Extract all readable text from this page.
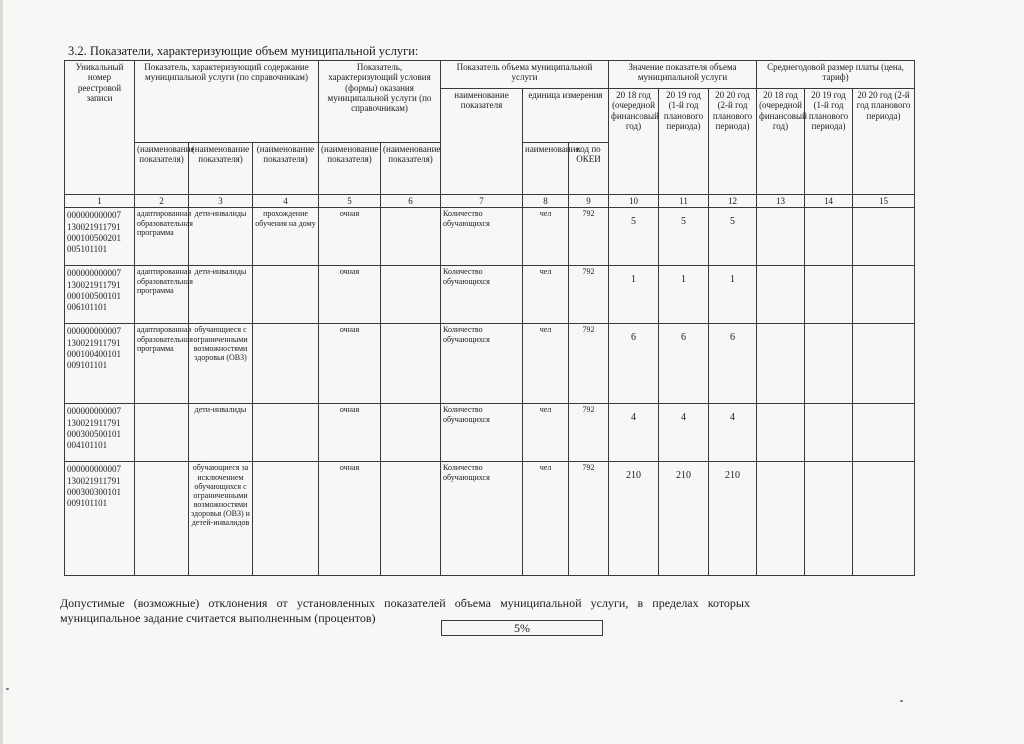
3.2. Показатели, характеризующие объем муниципальной услуги:
Уникальный номер реестровой записи	Показатель, характеризующий содержание муниципальной услуги (по справочникам)			Показатель, характеризующий условия (формы) оказания муниципальной услуги (по справочникам)		Показатель объема муниципальной услуги			Значение показателя объема муниципальной услуги			Среднегодовой размер платы (цена, тариф)		
						наименование показателя	единица измерения		20 18 год (очередной финансовый год)	20 19 год (1-й год планового периода)	20 20 год (2-й год планового периода)	20 18 год (очередной финансовый год)	20 19 год (1-й год планового периода)	20 20 год (2-й год планового периода)
	(наименование показателя)	(наименование показателя)	(наименование показателя)	(наименование показателя)	(наименование показателя)		наименование	код по ОКЕИ						
1	2	3	4	5	6	7	8	9	10	11	12	13	14	15
000000000007 130021911791 000100500201 005101101	адаптированная образовательная программа	дети-инвалиды	прохождение обучения на дому	очная		Количество обучающихся	чел	792	5	5	5			
000000000007 130021911791 000100500101 006101101	адаптированная образовательная программа	дети-инвалиды		очная		Количество обучающихся	чел	792	1	1	1			
000000000007 130021911791 000100400101 009101101	адаптированная образовательная программа	обучающиеся с ограниченными возможностями здоровья (ОВЗ)		очная		Количество обучающихся	чел	792	6	6	6			
000000000007 130021911791 000300500101 004101101		дети-инвалиды		очная		Количество обучающихся	чел	792	4	4	4			
000000000007 130021911791 000300300101 009101101		обучающиеся за исключением обучающихся с ограниченными возможностями здоровья (ОВЗ) и детей-инвалидов		очная		Количество обучающихся	чел	792	210	210	210			
Допустимые (возможные) отклонения от установленных показателей объема муниципальной услуги, в пределах которых
муниципальное задание считается выполненным (процентов)
5%
